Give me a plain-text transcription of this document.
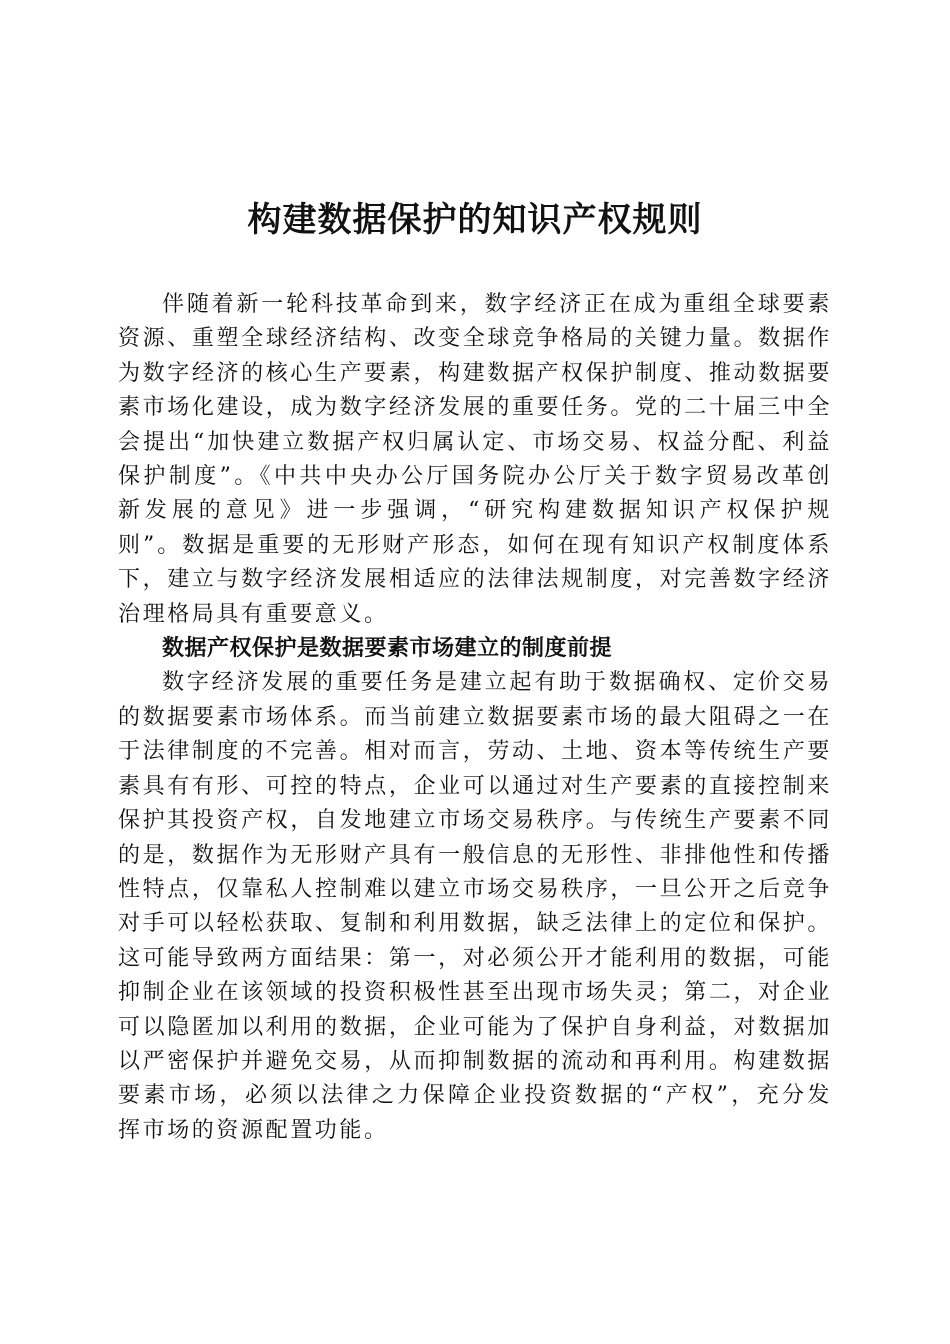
构建数据保护的知识产权规则

伴随着新一轮科技革命到来，数字经济正在成为重组全球要素资源、重塑全球经济结构、改变全球竞争格局的关键力量。数据作为数字经济的核心生产要素，构建数据产权保护制度、推动数据要素市场化建设，成为数字经济发展的重要任务。党的二十届三中全会提出“加快建立数据产权归属认定、市场交易、权益分配、利益保护制度”。《中共中央办公厅国务院办公厅关于数字贸易改革创新发展的意见》进一步强调，“研究构建数据知识产权保护规则”。数据是重要的无形财产形态，如何在现有知识产权制度体系下，建立与数字经济发展相适应的法律法规制度，对完善数字经济治理格局具有重要意义。

数据产权保护是数据要素市场建立的制度前提

数字经济发展的重要任务是建立起有助于数据确权、定价交易的数据要素市场体系。而当前建立数据要素市场的最大阻碍之一在于法律制度的不完善。相对而言，劳动、土地、资本等传统生产要素具有有形、可控的特点，企业可以通过对生产要素的直接控制来保护其投资产权，自发地建立市场交易秩序。与传统生产要素不同的是，数据作为无形财产具有一般信息的无形性、非排他性和传播性特点，仅靠私人控制难以建立市场交易秩序，一旦公开之后竞争对手可以轻松获取、复制和利用数据，缺乏法律上的定位和保护。这可能导致两方面结果：第一，对必须公开才能利用的数据，可能抑制企业在该领域的投资积极性甚至出现市场失灵；第二，对企业可以隐匿加以利用的数据，企业可能为了保护自身利益，对数据加以严密保护并避免交易，从而抑制数据的流动和再利用。构建数据要素市场，必须以法律之力保障企业投资数据的“产权”，充分发挥市场的资源配置功能。
